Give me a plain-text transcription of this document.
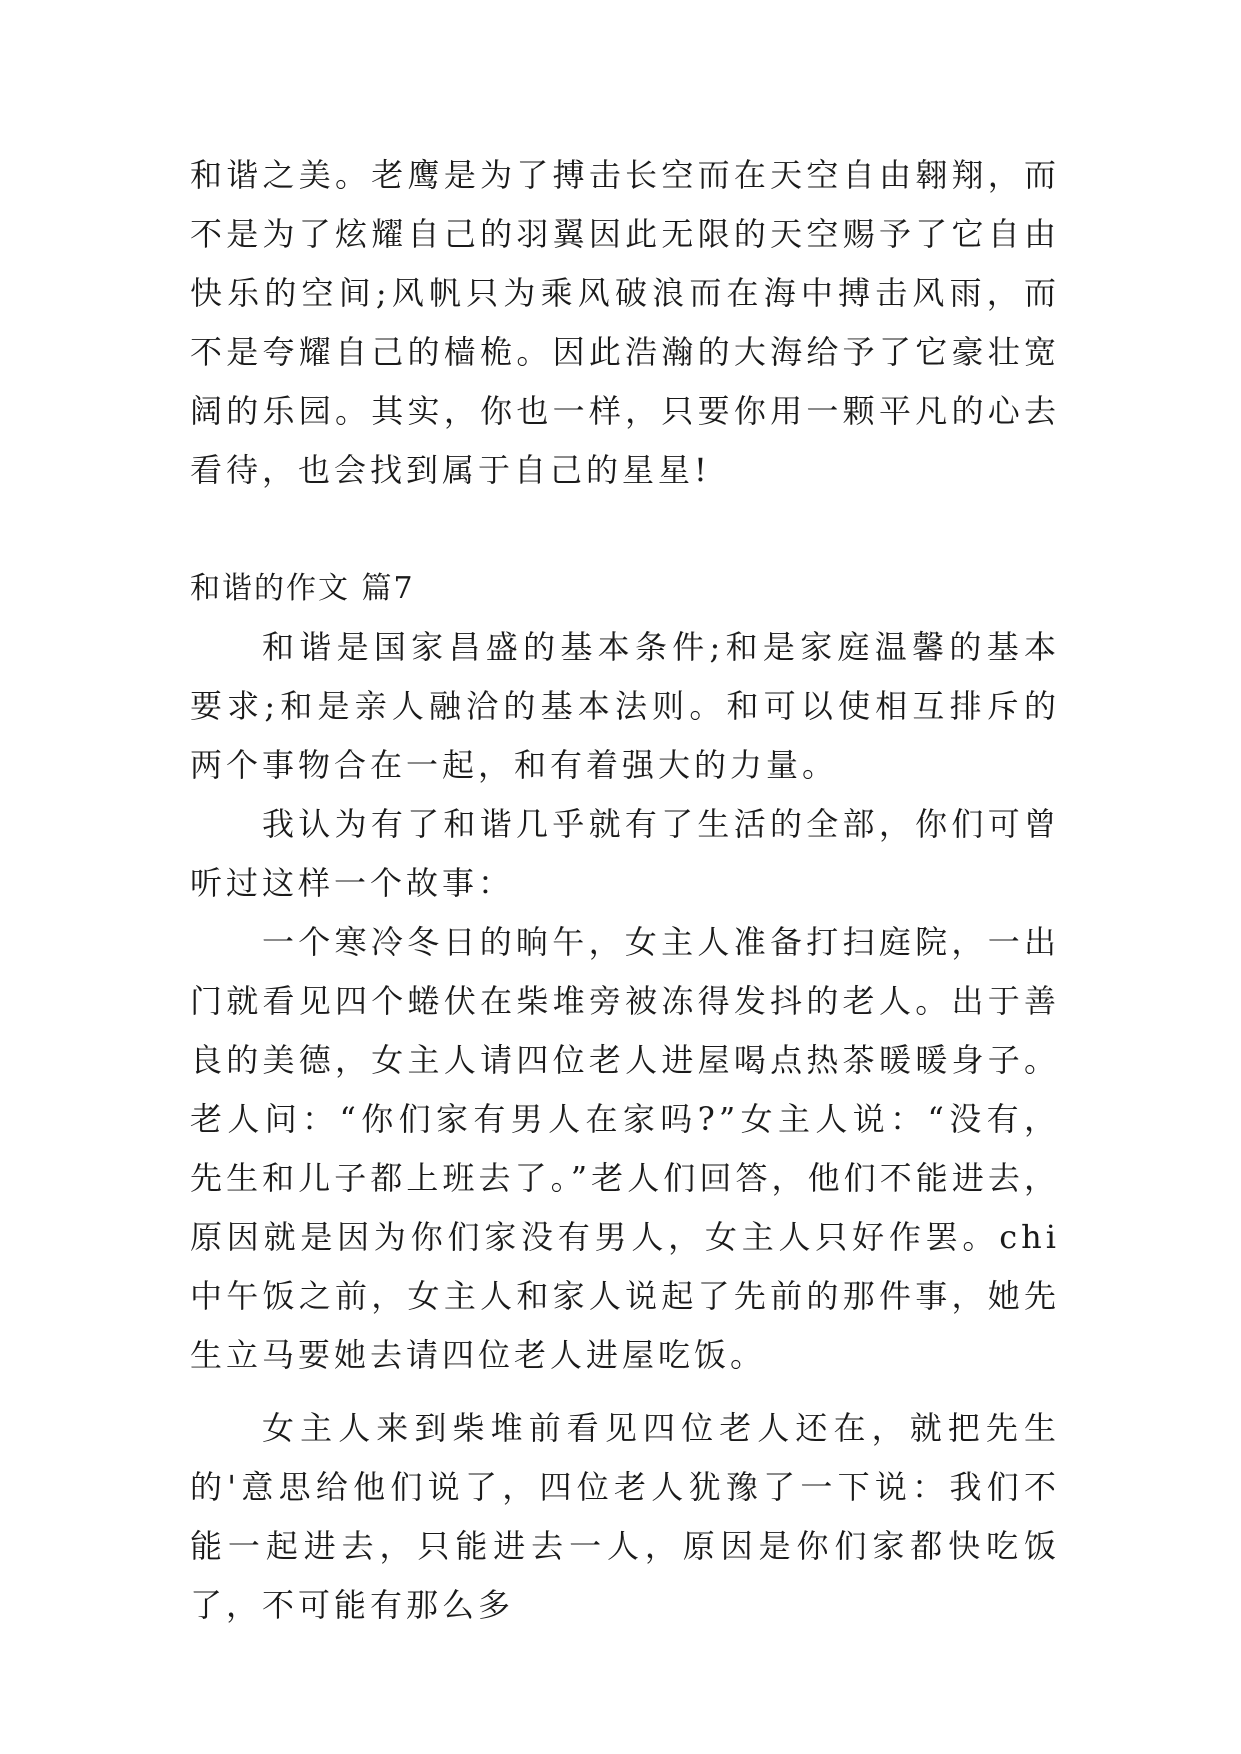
和谐之美。老鹰是为了搏击长空而在天空自由翱翔，而不是为了炫耀自己的羽翼因此无限的天空赐予了它自由快乐的空间;风帆只为乘风破浪而在海中搏击风雨，而不是夸耀自己的樯桅。因此浩瀚的大海给予了它豪壮宽阔的乐园。其实，你也一样，只要你用一颗平凡的心去看待，也会找到属于自己的星星!

和谐的作文 篇7

和谐是国家昌盛的基本条件;和是家庭温馨的基本要求;和是亲人融洽的基本法则。和可以使相互排斥的两个事物合在一起，和有着强大的力量。

我认为有了和谐几乎就有了生活的全部，你们可曾听过这样一个故事：

一个寒冷冬日的晌午，女主人准备打扫庭院，一出门就看见四个蜷伏在柴堆旁被冻得发抖的老人。出于善良的美德，女主人请四位老人进屋喝点热茶暖暖身子。老人问：“你们家有男人在家吗?”女主人说：“没有，先生和儿子都上班去了。”老人们回答，他们不能进去，原因就是因为你们家没有男人，女主人只好作罢。chi中午饭之前，女主人和家人说起了先前的那件事，她先生立马要她去请四位老人进屋吃饭。

女主人来到柴堆前看见四位老人还在，就把先生的'意思给他们说了，四位老人犹豫了一下说：我们不能一起进去，只能进去一人，原因是你们家都快吃饭了，不可能有那么多
